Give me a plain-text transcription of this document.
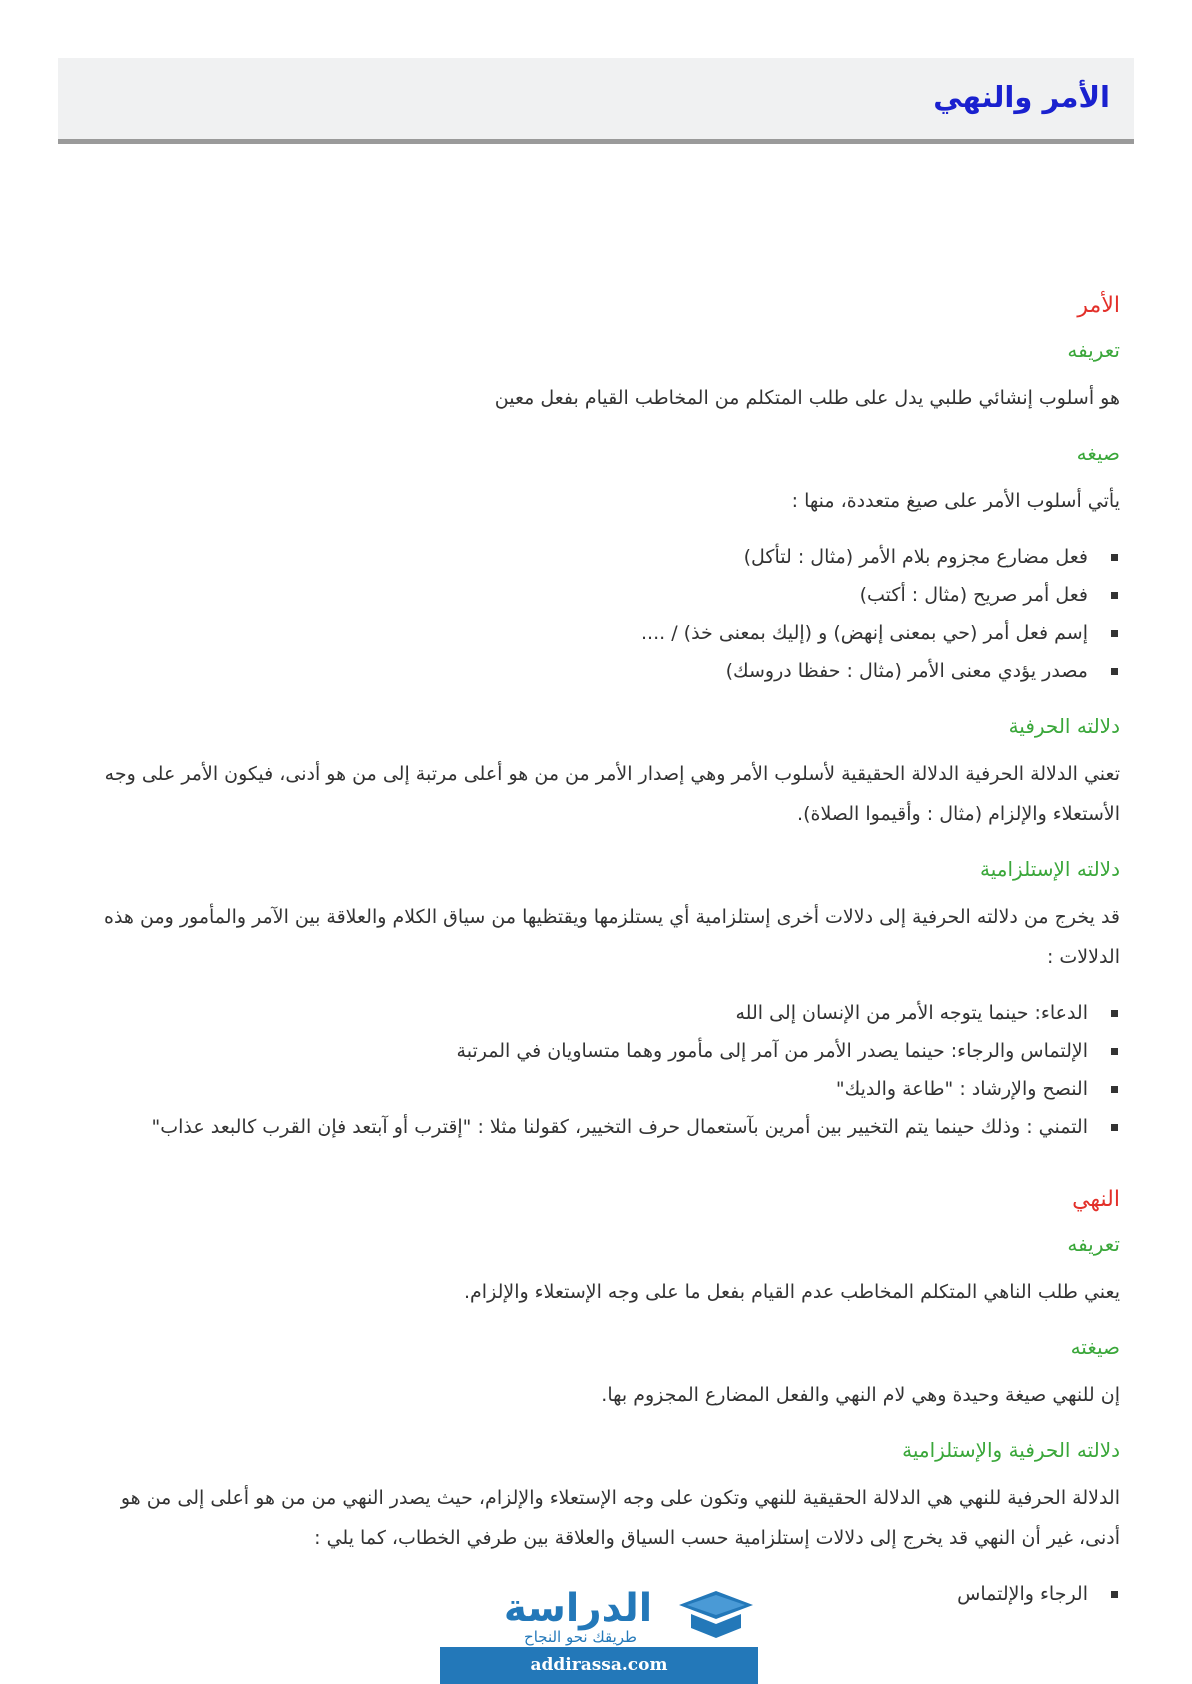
الأمر والنهي
الأمر
تعريفه
هو أسلوب إنشائي طلبي يدل على طلب المتكلم من المخاطب القيام بفعل معين
صيغه
يأتي أسلوب الأمر على صيغ متعددة، منها :
فعل مضارع مجزوم بلام الأمر (مثال : لتأكل)
فعل أمر صريح (مثال : أكتب)
إسم فعل أمر (حي بمعنى إنهض) و (إليك بمعنى خذ) / ....
مصدر يؤدي معنى الأمر (مثال : حفظا دروسك)
دلالته الحرفية
تعني الدلالة الحرفية الدلالة الحقيقية لأسلوب الأمر وهي إصدار الأمر من من هو أعلى مرتبة إلى من هو أدنى، فيكون الأمر على وجه الأستعلاء والإلزام (مثال : وأقيموا الصلاة).
دلالته الإستلزامية
قد يخرج من دلالته الحرفية إلى دلالات أخرى إستلزامية أي يستلزمها ويقتظيها من سياق الكلام والعلاقة بين الآمر والمأمور ومن هذه الدلالات :
الدعاء: حينما يتوجه الأمر من الإنسان إلى الله
الإلتماس والرجاء: حينما يصدر الأمر من آمر إلى مأمور وهما متساويان في المرتبة
النصح والإرشاد : "طاعة والديك"
التمني : وذلك حينما يتم التخيير بين أمرين بآستعمال حرف التخيير، كقولنا مثلا : "إقترب أو آبتعد فإن القرب كالبعد عذاب"
النهي
تعريفه
يعني طلب الناهي المتكلم المخاطب عدم القيام بفعل ما على وجه الإستعلاء والإلزام.
صيغته
إن للنهي صيغة وحيدة وهي لام النهي والفعل المضارع المجزوم بها.
دلالته الحرفية والإستلزامية
الدلالة الحرفية للنهي هي الدلالة الحقيقية للنهي وتكون على وجه الإستعلاء والإلزام، حيث يصدر النهي من من هو أعلى إلى من هو أدنى، غير أن النهي قد يخرج إلى دلالات إستلزامية حسب السياق والعلاقة بين طرفي الخطاب، كما يلي :
الرجاء والإلتماس
الدراسة
طريقك نحو النجاح
addirassa.com
